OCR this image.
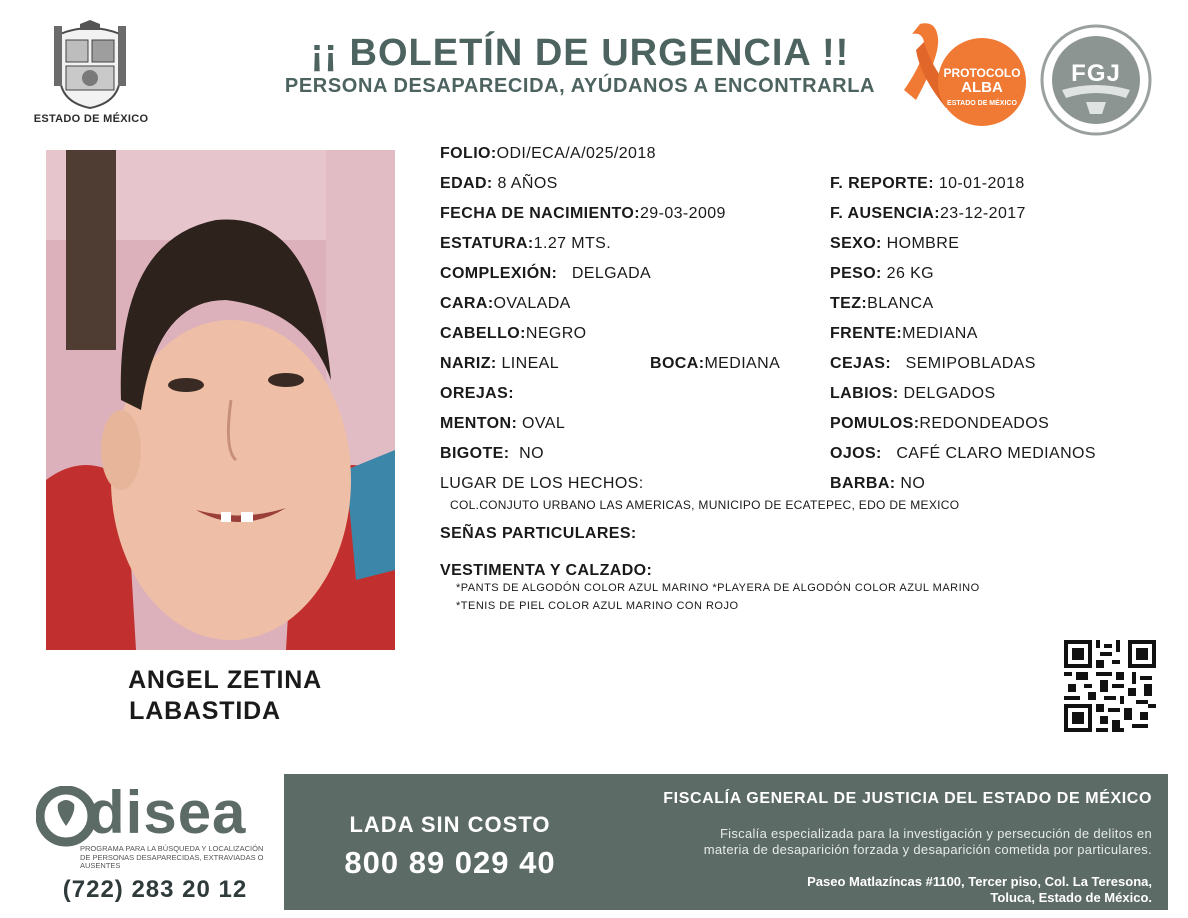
ESTADO DE MÉXICO
¡¡ BOLETÍN DE URGENCIA !!
PERSONA DESAPARECIDA, AYÚDANOS A ENCONTRARLA
PROTOCOLO
ALBA
ESTADO DE MÉXICO
FGJ
ANGEL ZETINA
LABASTIDA
FOLIO:ODI/ECA/A/025/2018
EDAD: 8 AÑOS
FECHA DE NACIMIENTO:29-03-2009
ESTATURA:1.27 MTS.
COMPLEXIÓN: DELGADA
CARA:OVALADA
CABELLO:NEGRO
NARIZ: LINEAL	BOCA:MEDIANA
OREJAS:
MENTON: OVAL
BIGOTE: NO
LUGAR DE LOS HECHOS:
COL.CONJUTO URBANO LAS AMERICAS, MUNICIPO DE ECATEPEC, EDO DE MEXICO
SEÑAS PARTICULARES:
VESTIMENTA Y CALZADO:
*PANTS DE ALGODÓN COLOR AZUL MARINO *PLAYERA DE ALGODÓN COLOR AZUL MARINO
*TENIS DE PIEL COLOR AZUL MARINO CON ROJO
F. REPORTE: 10-01-2018
F. AUSENCIA:23-12-2017
SEXO: HOMBRE
PESO: 26 KG
TEZ:BLANCA
FRENTE:MEDIANA
CEJAS: SEMIPOBLADAS
LABIOS: DELGADOS
POMULOS:REDONDEADOS
OJOS: CAFÉ CLARO MEDIANOS
BARBA: NO
disea
PROGRAMA PARA LA BÚSQUEDA Y LOCALIZACIÓN DE PERSONAS DESAPARECIDAS, EXTRAVIADAS O AUSENTES
(722) 283 20 12
LADA SIN COSTO
800 89 029 40
FISCALÍA GENERAL DE JUSTICIA DEL ESTADO DE MÉXICO
Fiscalía especializada para la investigación y persecución de delitos en
materia de desaparición forzada y desaparición cometida por particulares.
Paseo Matlazíncas #1100, Tercer piso, Col. La Teresona,
Toluca, Estado de México.
